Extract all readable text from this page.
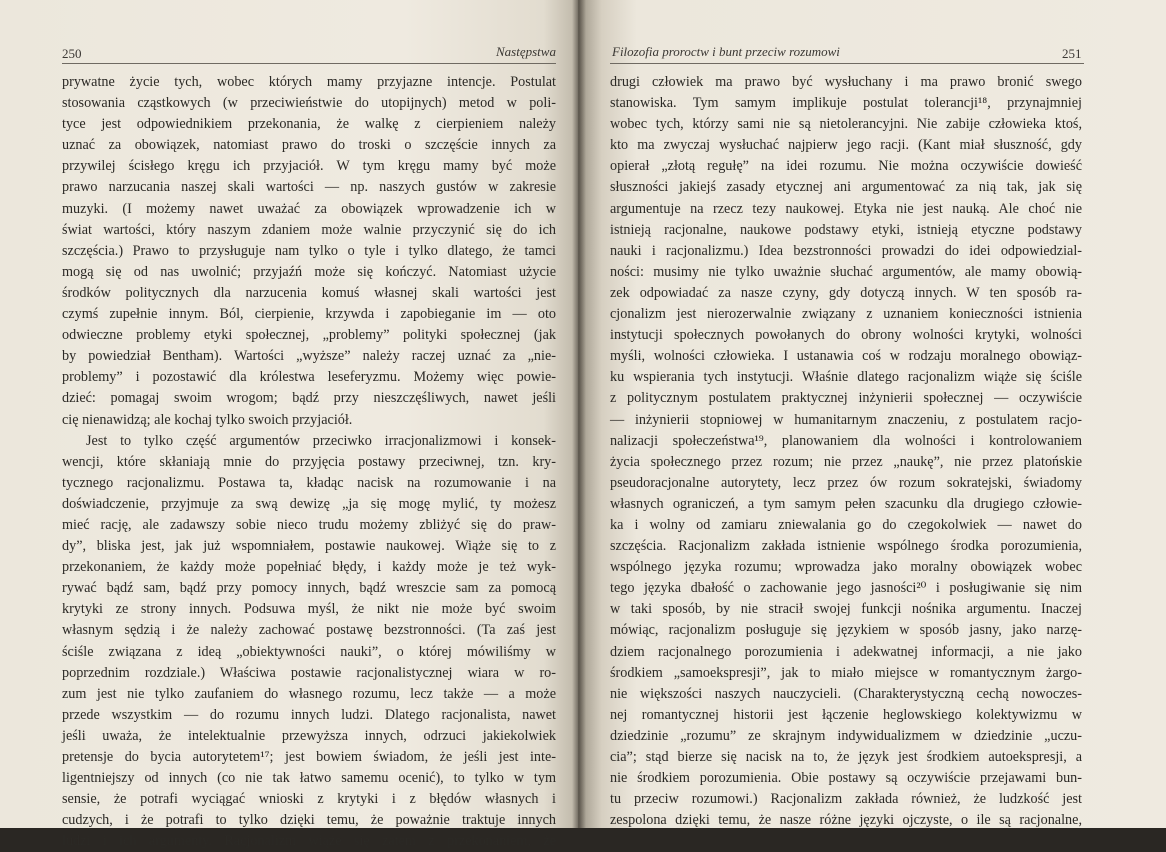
250	Następstwa
prywatne życie tych, wobec których mamy przyjazne intencje. Postulat
stosowania cząstkowych (w przeciwieństwie do utopijnych) metod w poli-
tyce jest odpowiednikiem przekonania, że walkę z cierpieniem należy
uznać za obowiązek, natomiast prawo do troski o szczęście innych za
przywilej ścisłego kręgu ich przyjaciół. W tym kręgu mamy być może
prawo narzucania naszej skali wartości — np. naszych gustów w zakresie
muzyki. (I możemy nawet uważać za obowiązek wprowadzenie ich w
świat wartości, który naszym zdaniem może walnie przyczynić się do ich
szczęścia.) Prawo to przysługuje nam tylko o tyle i tylko dlatego, że tamci
mogą się od nas uwolnić; przyjaźń może się kończyć. Natomiast użycie
środków politycznych dla narzucenia komuś własnej skali wartości jest
czymś zupełnie innym. Ból, cierpienie, krzywda i zapobieganie im — oto
odwieczne problemy etyki społecznej, „problemy” polityki społecznej (jak
by powiedział Bentham). Wartości „wyższe” należy raczej uznać za „nie-
problemy” i pozostawić dla królestwa leseferyzmu. Możemy więc powie-
dzieć: pomagaj swoim wrogom; bądź przy nieszczęśliwych, nawet jeśli
cię nienawidzą; ale kochaj tylko swoich przyjaciół.
Jest to tylko część argumentów przeciwko irracjonalizmowi i konsek-
wencji, które skłaniają mnie do przyjęcia postawy przeciwnej, tzn. kry-
tycznego racjonalizmu. Postawa ta, kładąc nacisk na rozumowanie i na
doświadczenie, przyjmuje za swą dewizę „ja się mogę mylić, ty możesz
mieć rację, ale zadawszy sobie nieco trudu możemy zbliżyć się do praw-
dy”, bliska jest, jak już wspomniałem, postawie naukowej. Wiąże się to z
przekonaniem, że każdy może popełniać błędy, i każdy może je też wyk-
rywać bądź sam, bądź przy pomocy innych, bądź wreszcie sam za pomocą
krytyki ze strony innych. Podsuwa myśl, że nikt nie może być swoim
własnym sędzią i że należy zachować postawę bezstronności. (Ta zaś jest
ściśle związana z ideą „obiektywności nauki”, o której mówiliśmy w
poprzednim rozdziale.) Właściwa postawie racjonalistycznej wiara w ro-
zum jest nie tylko zaufaniem do własnego rozumu, lecz także — a może
przede wszystkim — do rozumu innych ludzi. Dlatego racjonalista, nawet
jeśli uważa, że intelektualnie przewyższa innych, odrzuci jakiekolwiek
pretensje do bycia autorytetem¹⁷; jest bowiem świadom, że jeśli jest inte-
ligentniejszy od innych (co nie tak łatwo samemu ocenić), to tylko w tym
sensie, że potrafi wyciągać wnioski z krytyki i z błędów własnych i
cudzych, i że potrafi to tylko dzięki temu, że poważnie traktuje innych
ludzi i ich argumenty. Racjonalizm wiąże się zatem z przekonaniem, że
Filozofia proroctw i bunt przeciw rozumowi	251
drugi człowiek ma prawo być wysłuchany i ma prawo bronić swego
stanowiska. Tym samym implikuje postulat tolerancji¹⁸, przynajmniej
wobec tych, którzy sami nie są nietolerancyjni. Nie zabije człowieka ktoś,
kto ma zwyczaj wysłuchać najpierw jego racji. (Kant miał słuszność, gdy
opierał „złotą regułę” na idei rozumu. Nie można oczywiście dowieść
słuszności jakiejś zasady etycznej ani argumentować za nią tak, jak się
argumentuje na rzecz tezy naukowej. Etyka nie jest nauką. Ale choć nie
istnieją racjonalne, naukowe podstawy etyki, istnieją etyczne podstawy
nauki i racjonalizmu.) Idea bezstronności prowadzi do idei odpowiedzial-
ności: musimy nie tylko uważnie słuchać argumentów, ale mamy obowią-
zek odpowiadać za nasze czyny, gdy dotyczą innych. W ten sposób ra-
cjonalizm jest nierozerwalnie związany z uznaniem konieczności istnienia
instytucji społecznych powołanych do obrony wolności krytyki, wolności
myśli, wolności człowieka. I ustanawia coś w rodzaju moralnego obowiąz-
ku wspierania tych instytucji. Właśnie dlatego racjonalizm wiąże się ściśle
z politycznym postulatem praktycznej inżynierii społecznej — oczywiście
— inżynierii stopniowej w humanitarnym znaczeniu, z postulatem racjo-
nalizacji społeczeństwa¹⁹, planowaniem dla wolności i kontrolowaniem
życia społecznego przez rozum; nie przez „naukę”, nie przez platońskie
pseudoracjonalne autorytety, lecz przez ów rozum sokratejski, świadomy
własnych ograniczeń, a tym samym pełen szacunku dla drugiego człowie-
ka i wolny od zamiaru zniewalania go do czegokolwiek — nawet do
szczęścia. Racjonalizm zakłada istnienie wspólnego środka porozumienia,
wspólnego języka rozumu; wprowadza jako moralny obowiązek wobec
tego języka dbałość o zachowanie jego jasności²⁰ i posługiwanie się nim
w taki sposób, by nie stracił swojej funkcji nośnika argumentu. Inaczej
mówiąc, racjonalizm posługuje się językiem w sposób jasny, jako narzę-
dziem racjonalnego porozumienia i adekwatnej informacji, a nie jako
środkiem „samoekspresji”, jak to miało miejsce w romantycznym żargo-
nie większości naszych nauczycieli. (Charakterystyczną cechą nowoczes-
nej romantycznej historii jest łączenie heglowskiego kolektywizmu w
dziedzinie „rozumu” ze skrajnym indywidualizmem w dziedzinie „uczu-
cia”; stąd bierze się nacisk na to, że język jest środkiem autoekspresji, a
nie środkiem porozumienia. Obie postawy są oczywiście przejawami bun-
tu przeciw rozumowi.) Racjonalizm zakłada również, że ludzkość jest
zespolona dzięki temu, że nasze różne języki ojczyste, o ile są racjonalne,
